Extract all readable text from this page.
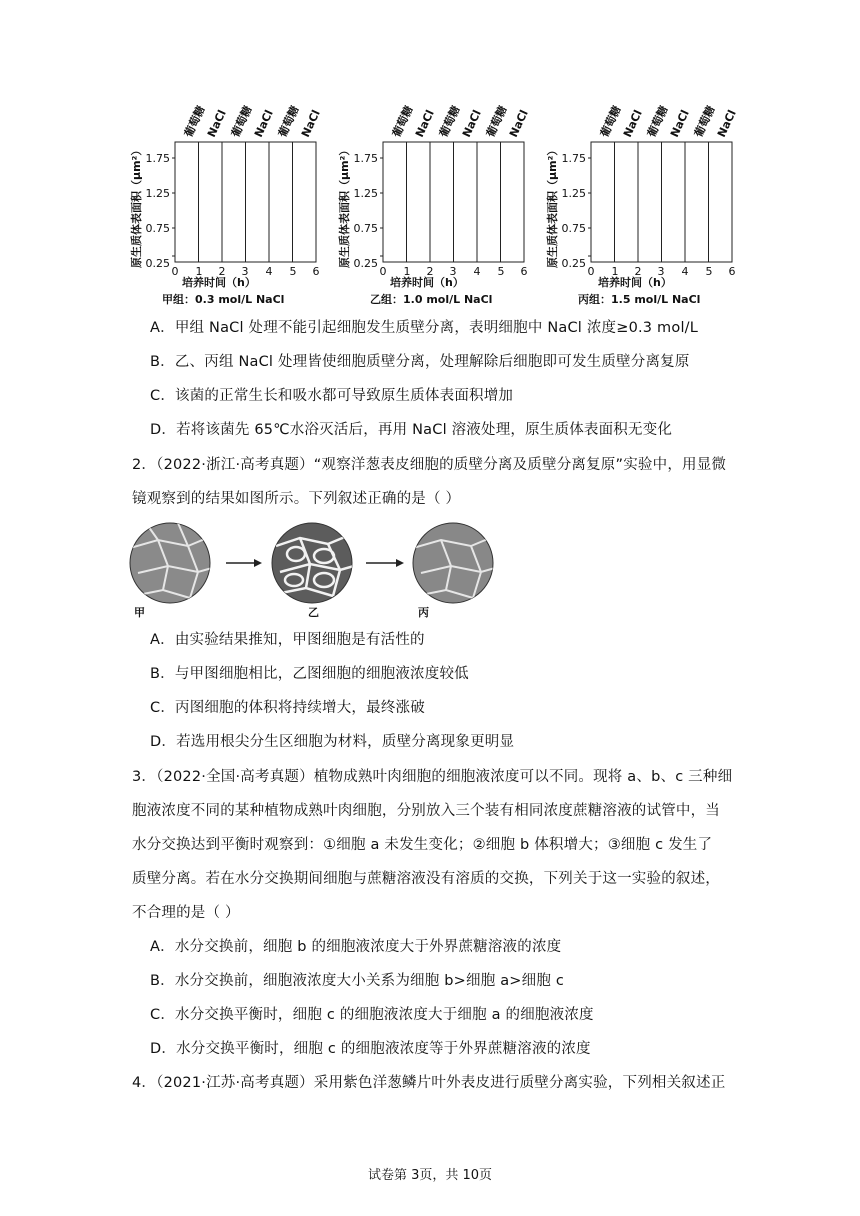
甲组：0.3 mol/L NaCl
培养时间（h）
原生质体表面积（μm²） 1.75
1.25
0.75
0.25
0 1 2 3 4 5 6
葡萄糖
NaCl 葡萄糖
NaCl 葡萄糖
NaCl
乙组：1.0 mol/L NaCl
培养时间（h）
原生质体表面积（μm²） 1.75
1.25
0.75
0.25
0 1 2 3 4 5 6
葡萄糖
NaCl 葡萄糖
NaCl 葡萄糖
NaCl
丙组：1.5 mol/L NaCl
培养时间（h）
原生质体表面积（μm²） 1.75
1.25
0.75
0.25
0 1 2 3 4 5 6
葡萄糖
NaCl 葡萄糖
NaCl 葡萄糖
NaCl
A．甲组 NaCl 处理不能引起细胞发生质壁分离，表明细胞中 NaCl 浓度≥0.3 mol/L
B．乙、丙组 NaCl 处理皆使细胞质壁分离，处理解除后细胞即可发生质壁分离复原
C．该菌的正常生长和吸水都可导致原生质体表面积增加
D．若将该菌先 65℃水浴灭活后，再用 NaCl 溶液处理，原生质体表面积无变化
2．（2022·浙江·高考真题）“观察洋葱表皮细胞的质壁分离及质壁分离复原”实验中，用显微
镜观察到的结果如图所示。下列叙述正确的是（ ）
甲	乙	丙
A．由实验结果推知，甲图细胞是有活性的
B．与甲图细胞相比，乙图细胞的细胞液浓度较低
C．丙图细胞的体积将持续增大，最终涨破
D．若选用根尖分生区细胞为材料，质壁分离现象更明显
3．（2022·全国·高考真题）植物成熟叶肉细胞的细胞液浓度可以不同。现将 a、b、c 三种细
胞液浓度不同的某种植物成熟叶肉细胞，分别放入三个装有相同浓度蔗糖溶液的试管中，当
水分交换达到平衡时观察到：①细胞 a 未发生变化；②细胞 b 体积增大；③细胞 c 发生了
质壁分离。若在水分交换期间细胞与蔗糖溶液没有溶质的交换，下列关于这一实验的叙述，
不合理的是（ ）
A．水分交换前，细胞 b 的细胞液浓度大于外界蔗糖溶液的浓度
B．水分交换前，细胞液浓度大小关系为细胞 b>细胞 a>细胞 c
C．水分交换平衡时，细胞 c 的细胞液浓度大于细胞 a 的细胞液浓度
D．水分交换平衡时，细胞 c 的细胞液浓度等于外界蔗糖溶液的浓度
4．（2021·江苏·高考真题）采用紫色洋葱鳞片叶外表皮进行质壁分离实验，下列相关叙述正
试卷第 3页，共 10页
